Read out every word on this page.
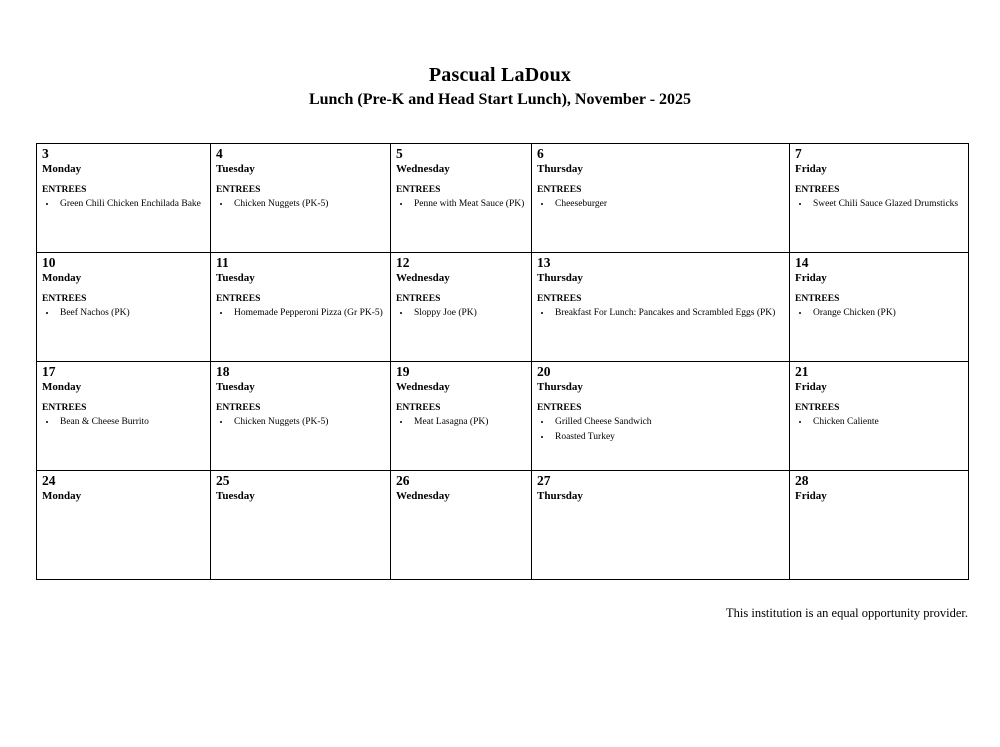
Pascual LaDoux
Lunch (Pre-K and Head Start Lunch), November - 2025
3
Monday
ENTREES
• Green Chili Chicken Enchilada Bake

4
Tuesday
ENTREES
• Chicken Nuggets (PK-5)

5
Wednesday
ENTREES
• Penne with Meat Sauce (PK)

6
Thursday
ENTREES
• Cheeseburger

7
Friday
ENTREES
• Sweet Chili Sauce Glazed Drumsticks

10
Monday
ENTREES
• Beef Nachos (PK)

11
Tuesday
ENTREES
• Homemade Pepperoni Pizza (Gr PK-5)

12
Wednesday
ENTREES
• Sloppy Joe (PK)

13
Thursday
ENTREES
• Breakfast For Lunch: Pancakes and Scrambled Eggs (PK)

14
Friday
ENTREES
• Orange Chicken (PK)

17
Monday
ENTREES
• Bean & Cheese Burrito

18
Tuesday
ENTREES
• Chicken Nuggets (PK-5)

19
Wednesday
ENTREES
• Meat Lasagna (PK)

20
Thursday
ENTREES
• Grilled Cheese Sandwich
• Roasted Turkey

21
Friday
ENTREES
• Chicken Caliente

24
Monday

25
Tuesday

26
Wednesday

27
Thursday

28
Friday

This institution is an equal opportunity provider.
